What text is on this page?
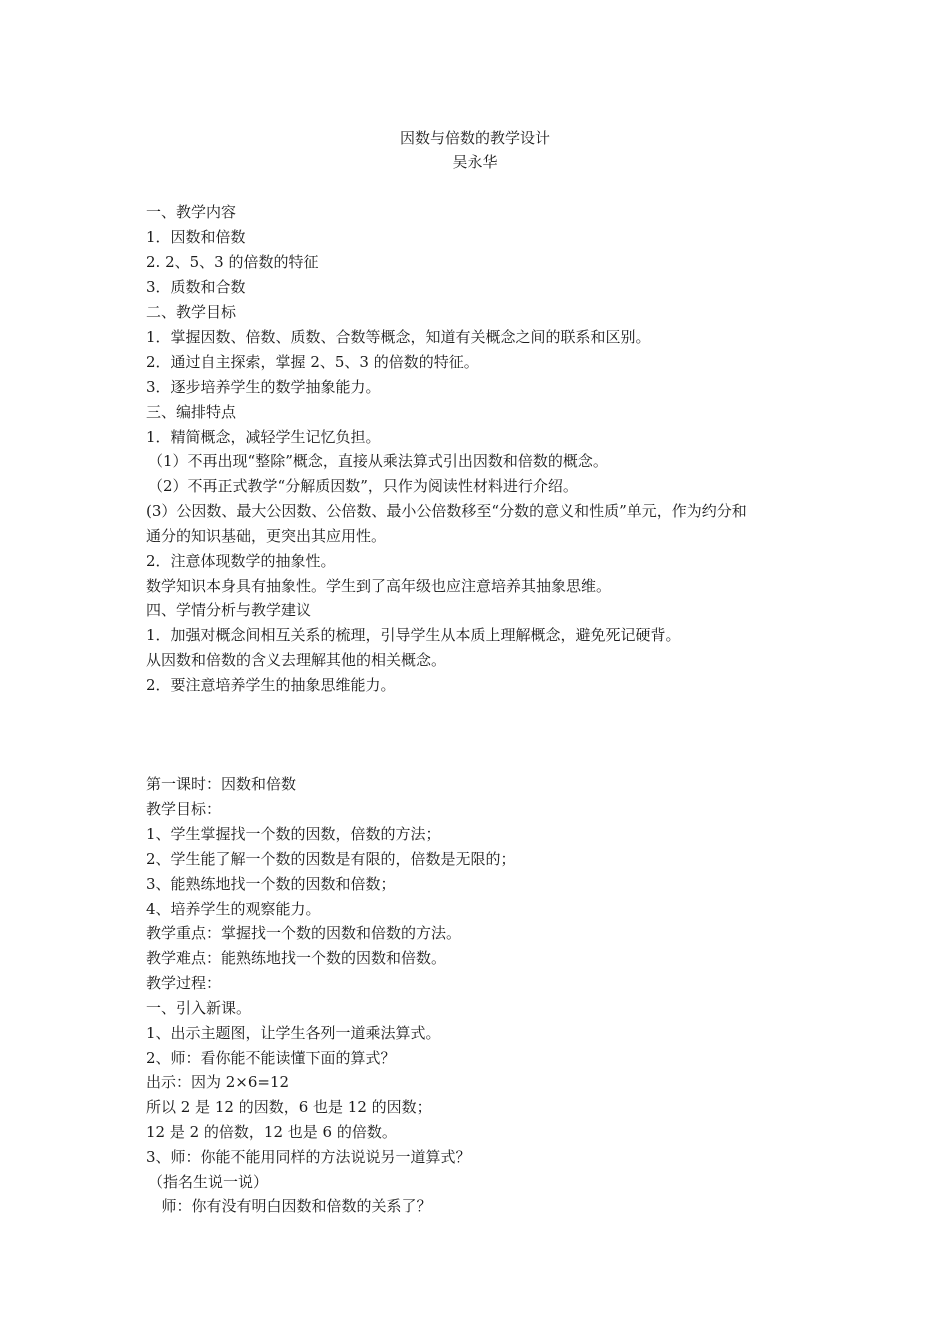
因数与倍数的教学设计
吴永华
一、教学内容
1．因数和倍数
2. 2、5、3 的倍数的特征
3．质数和合数
二、教学目标
1．掌握因数、倍数、质数、合数等概念，知道有关概念之间的联系和区别。
2．通过自主探索，掌握 2、5、3 的倍数的特征。
3．逐步培养学生的数学抽象能力。
三、编排特点
1．精简概念，减轻学生记忆负担。
（1）不再出现“整除”概念，直接从乘法算式引出因数和倍数的概念。
（2）不再正式教学“分解质因数”，只作为阅读性材料进行介绍。
(3）公因数、最大公因数、公倍数、最小公倍数移至“分数的意义和性质”单元，作为约分和
通分的知识基础，更突出其应用性。
2．注意体现数学的抽象性。
数学知识本身具有抽象性。学生到了高年级也应注意培养其抽象思维。
四、学情分析与教学建议
1．加强对概念间相互关系的梳理，引导学生从本质上理解概念，避免死记硬背。
从因数和倍数的含义去理解其他的相关概念。
2．要注意培养学生的抽象思维能力。
第一课时：因数和倍数
教学目标：
1、学生掌握找一个数的因数，倍数的方法；
2、学生能了解一个数的因数是有限的，倍数是无限的；
3、能熟练地找一个数的因数和倍数；
4、培养学生的观察能力。
教学重点：掌握找一个数的因数和倍数的方法。
教学难点：能熟练地找一个数的因数和倍数。
教学过程：
一、引入新课。
1、出示主题图，让学生各列一道乘法算式。
2、师：看你能不能读懂下面的算式？
出示：因为 2×6=12
所以 2 是 12 的因数，6 也是 12 的因数；
12 是 2 的倍数，12 也是 6 的倍数。
3、师：你能不能用同样的方法说说另一道算式？
（指名生说一说）
师：你有没有明白因数和倍数的关系了？
